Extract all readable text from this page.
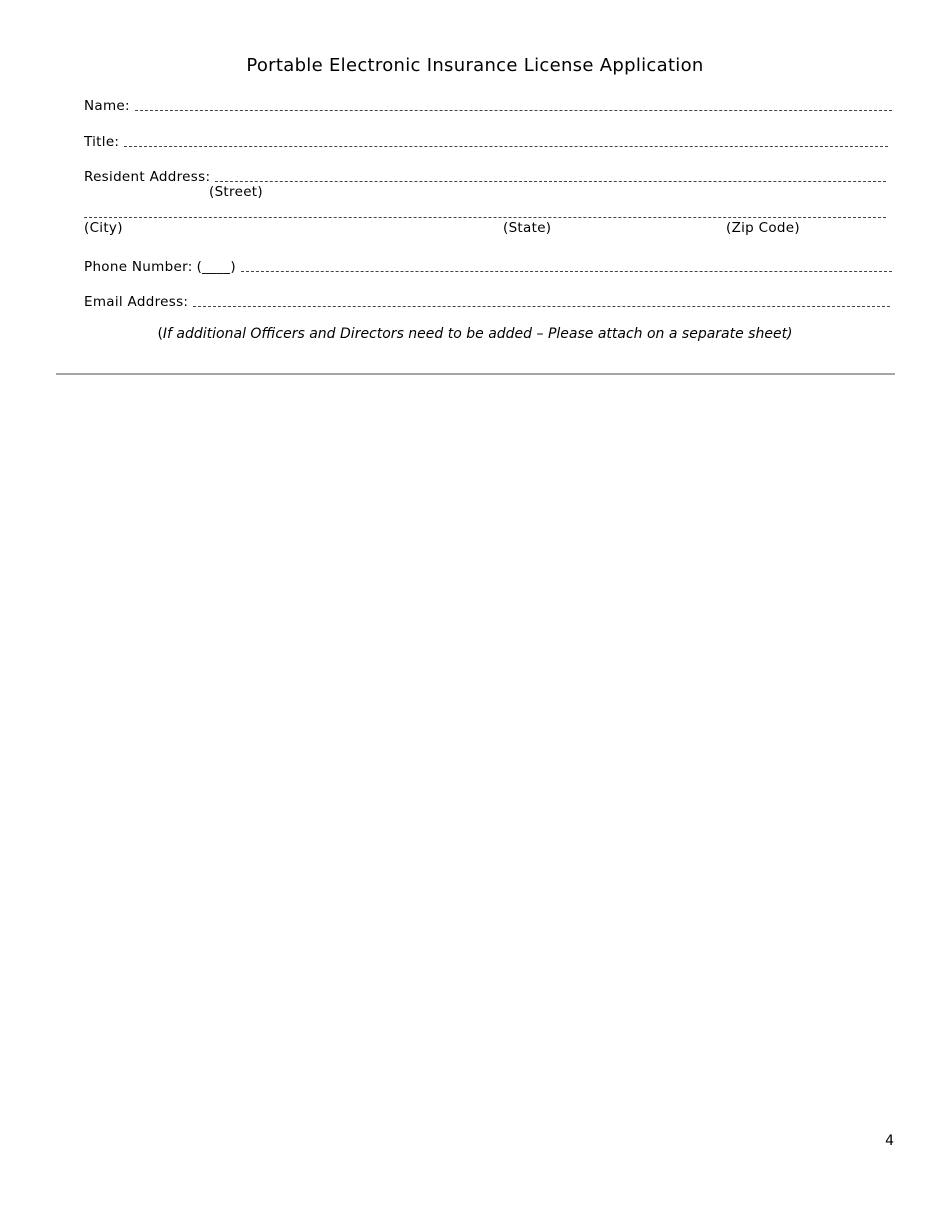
Portable Electronic Insurance License Application
Name:
Title:
Resident Address:
(Street)
(City)	(State)	(Zip Code)
Phone Number: (____)
Email Address:
(If additional Officers and Directors need to be added – Please attach on a separate sheet)
4
